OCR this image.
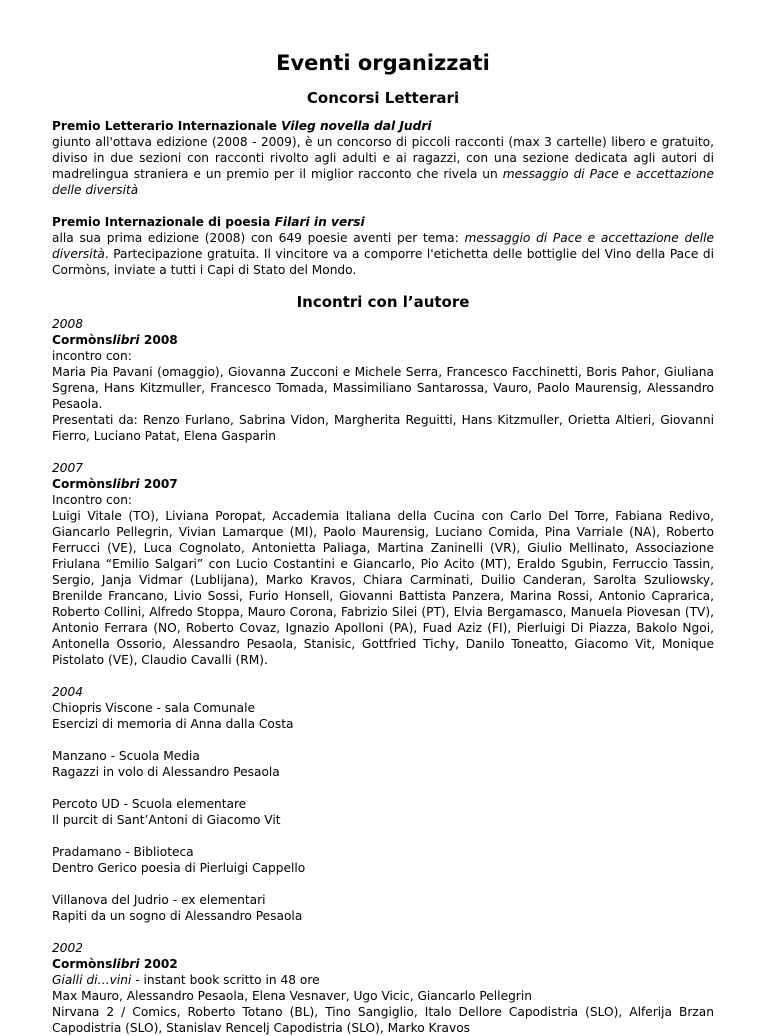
Eventi organizzati
Concorsi Letterari

Premio Letterario Internazionale Vileg novella dal Judri

giunto all'ottava edizione (2008 - 2009), è un concorso di piccoli racconti (max 3 cartelle) libero e gratuito, diviso in due sezioni con racconti rivolto agli adulti e ai ragazzi, con una sezione dedicata agli autori di madrelingua straniera e un premio per il miglior racconto che rivela un messaggio di Pace e accettazione delle diversità

Premio Internazionale di poesia Filari in versi

alla sua prima edizione (2008) con 649 poesie aventi per tema: messaggio di Pace e accettazione delle diversità. Partecipazione gratuita. Il vincitore va a comporre l'etichetta delle bottiglie del Vino della Pace di Cormòns, inviate a tutti i Capi di Stato del Mondo.

Incontri con l’autore

2008

Cormònslibri 2008

incontro con:

Maria Pia Pavani (omaggio), Giovanna Zucconi e Michele Serra, Francesco Facchinetti, Boris Pahor, Giuliana Sgrena, Hans Kitzmuller, Francesco Tomada, Massimiliano Santarossa, Vauro, Paolo Maurensig, Alessandro Pesaola.

Presentati da: Renzo Furlano, Sabrina Vidon, Margherita Reguitti, Hans Kitzmuller, Orietta Altieri, Giovanni Fierro, Luciano Patat, Elena Gasparin

2007

Cormònslibri 2007

Incontro con:

Luigi Vitale (TO), Liviana Poropat, Accademia Italiana della Cucina con Carlo Del Torre, Fabiana Redivo, Giancarlo Pellegrin, Vivian Lamarque (MI), Paolo Maurensig, Luciano Comida, Pina Varriale (NA), Roberto Ferrucci (VE), Luca Cognolato, Antonietta Paliaga, Martina Zaninelli (VR), Giulio Mellinato, Associazione Friulana “Emilio Salgari” con Lucio Costantini e Giancarlo, Pio Acito (MT), Eraldo Sgubin, Ferruccio Tassin, Sergio, Janja Vidmar (Lublijana), Marko Kravos, Chiara Carminati, Duilio Canderan, Sarolta Szuliowsky, Brenilde Francano, Livio Sossi, Furio Honsell, Giovanni Battista Panzera, Marina Rossi, Antonio Caprarica, Roberto Collini, Alfredo Stoppa, Mauro Corona, Fabrizio Silei (PT), Elvia Bergamasco, Manuela Piovesan (TV), Antonio Ferrara (NO, Roberto Covaz, Ignazio Apolloni (PA), Fuad Aziz (FI), Pierluigi Di Piazza, Bakolo Ngoi, Antonella Ossorio, Alessandro Pesaola, Stanisic, Gottfried Tichy, Danilo Toneatto, Giacomo Vit, Monique Pistolato (VE), Claudio Cavalli (RM).

2004

Chiopris Viscone - sala Comunale

Esercizi di memoria di Anna dalla Costa

Manzano - Scuola Media

Ragazzi in volo di Alessandro Pesaola

Percoto UD - Scuola elementare

Il purcit di Sant’Antoni di Giacomo Vit

Pradamano - Biblioteca

Dentro Gerico poesia di Pierluigi Cappello

Villanova del Judrio - ex elementari

Rapiti da un sogno di Alessandro Pesaola

2002

Cormònslibri 2002

Gialli di…vini - instant book scritto in 48 ore

Max Mauro, Alessandro Pesaola, Elena Vesnaver, Ugo Vicic, Giancarlo Pellegrin

Nirvana 2 / Comics, Roberto Totano (BL), Tino Sangiglio, Italo Dellore Capodistria (SLO), Alferija Brzan Capodistria (SLO), Stanislav Rencelj Capodistria (SLO), Marko Kravos
